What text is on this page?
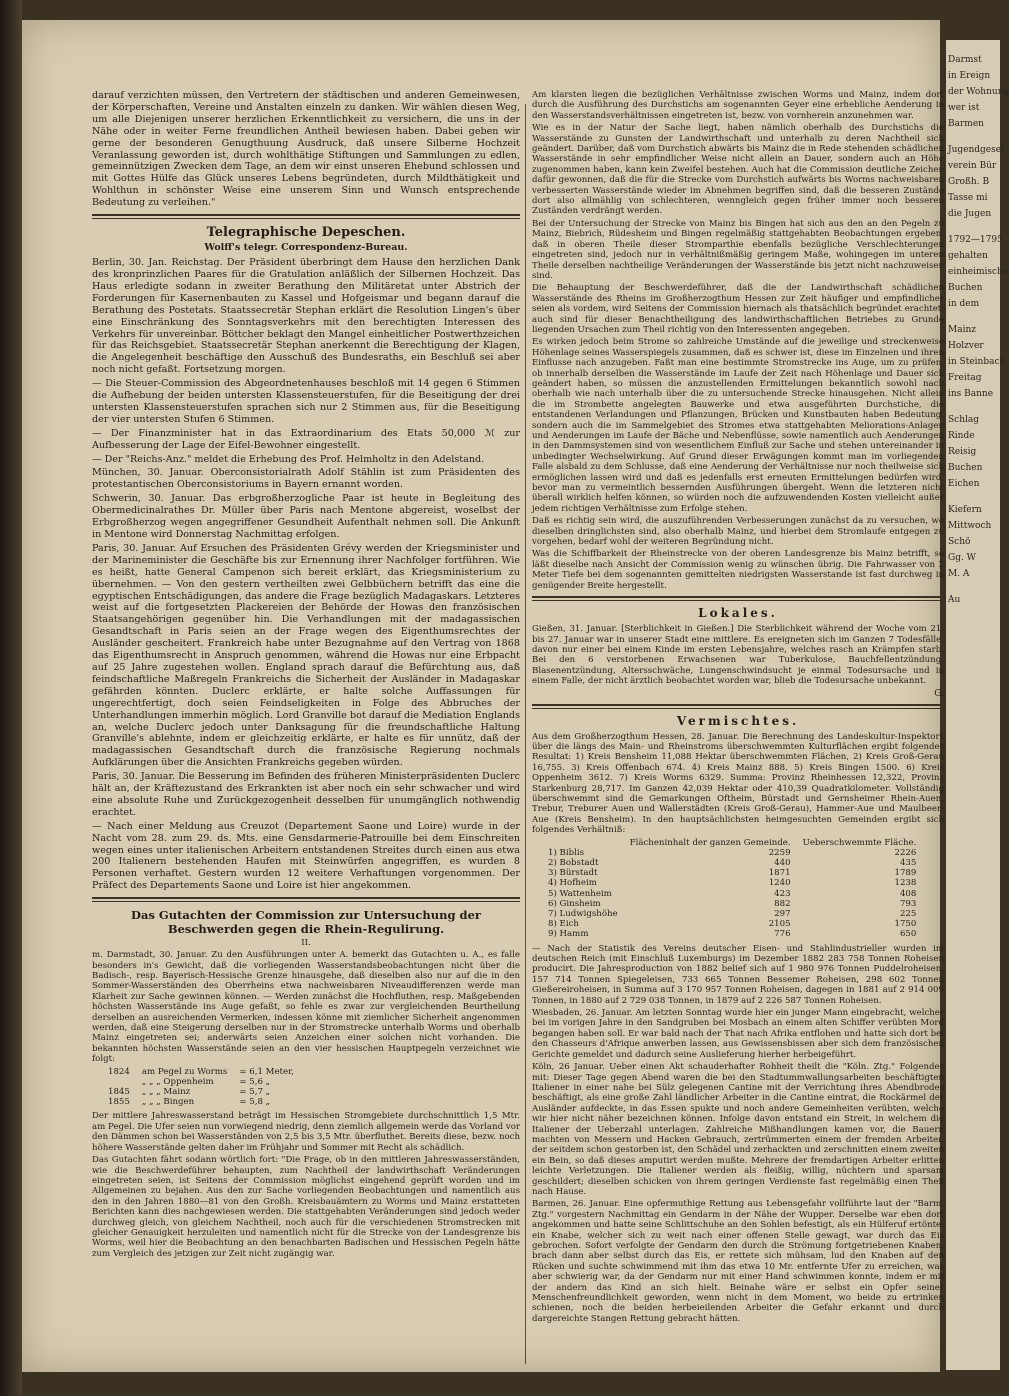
darauf verzichten müssen, den Vertretern der städtischen und anderen Gemeinwesen, der Körperschaften, Vereine und Anstalten einzeln zu danken. Wir wählen diesen Weg, um alle Diejenigen unserer herzlichen Erkenntlichkeit zu versichern, die uns in der Nähe oder in weiter Ferne freundlichen Antheil bewiesen haben. Dabei geben wir gerne der besonderen Genugthuung Ausdruck, daß unsere Silberne Hochzeit Veranlassung geworden ist, durch wohlthätige Stiftungen und Sammlungen zu edlen, gemeinnützigen Zwecken dem Tage, an dem wir einst unseren Ehebund schlossen und mit Gottes Hülfe das Glück unseres Lebens begründeten, durch Mildthätigkeit und Wohlthun in schönster Weise eine unserem Sinn und Wunsch entsprechende Bedeutung zu verleihen."

Telegraphische Depeschen.
Wolff's telegr. Correspondenz-Bureau.

Berlin, 30. Jan. Reichstag. Der Präsident überbringt dem Hause den herzlichen Dank des kronprinzlichen Paares für die Gratulation anläßlich der Silbernen Hochzeit. Das Haus erledigte sodann in zweiter Berathung den Militäretat unter Abstrich der Forderungen für Kasernenbauten zu Kassel und Hofgeismar und begann darauf die Berathung des Postetats. Staatssecretär Stephan erklärt die Resolution Lingen's über eine Einschränkung des Sonntagsverkehrs mit den berechtigten Interessen des Verkehrs für unvereinbar. Böttcher beklagt den Mangel einheitlicher Postwerthzeichen für das Reichsgebiet. Staatssecretär Stephan anerkennt die Berechtigung der Klagen, die Angelegenheit beschäftige den Ausschuß des Bundesraths, ein Beschluß sei aber noch nicht gefaßt. Fortsetzung morgen.

— Die Steuer-Commission des Abgeordnetenhauses beschloß mit 14 gegen 6 Stimmen die Aufhebung der beiden untersten Klassensteuerstufen, für die Beseitigung der drei untersten Klassensteuerstufen sprachen sich nur 2 Stimmen aus, für die Beseitigung der vier untersten Stufen 6 Stimmen.

— Der Finanzminister hat in das Extraordinarium des Etats 50,000 ℳ zur Aufbesserung der Lage der Eifel-Bewohner eingestellt.

— Der "Reichs-Anz." meldet die Erhebung des Prof. Helmholtz in den Adelstand.

München, 30. Januar. Oberconsistorialrath Adolf Stählin ist zum Präsidenten des protestantischen Oberconsistoriums in Bayern ernannt worden.

Schwerin, 30. Januar. Das erbgroßherzogliche Paar ist heute in Begleitung des Obermedicinalrathes Dr. Müller über Paris nach Mentone abgereist, woselbst der Erbgroßherzog wegen angegriffener Gesundheit Aufenthalt nehmen soll. Die Ankunft in Mentone wird Donnerstag Nachmittag erfolgen.

Paris, 30. Januar. Auf Ersuchen des Präsidenten Grévy werden der Kriegsminister und der Marineminister die Geschäfte bis zur Ernennung ihrer Nachfolger fortführen. Wie es heißt, hatte General Campenon sich bereit erklärt, das Kriegsministerium zu übernehmen. — Von den gestern vertheilten zwei Gelbbüchern betrifft das eine die egyptischen Entschädigungen, das andere die Frage bezüglich Madagaskars. Letzteres weist auf die fortgesetzten Plackereien der Behörde der Howas den französischen Staatsangehörigen gegenüber hin. Die Verhandlungen mit der madagassischen Gesandtschaft in Paris seien an der Frage wegen des Eigenthumsrechtes der Ausländer gescheitert. Frankreich habe unter Bezugnahme auf den Vertrag von 1868 das Eigenthumsrecht in Anspruch genommen, während die Howas nur eine Erbpacht auf 25 Jahre zugestehen wollen. England sprach darauf die Befürchtung aus, daß feindschaftliche Maßregeln Frankreichs die Sicherheit der Ausländer in Madagaskar gefährden könnten. Duclerc erklärte, er halte solche Auffassungen für ungerechtfertigt, doch seien Feindseligkeiten in Folge des Abbruches der Unterhandlungen immerhin möglich. Lord Granville bot darauf die Mediation Englands an, welche Duclerc jedoch unter Danksagung für die freundschaftliche Haltung Granville's ablehnte, indem er gleichzeitig erklärte, er halte es für unnütz, daß der madagassischen Gesandtschaft durch die französische Regierung nochmals Aufklärungen über die Ansichten Frankreichs gegeben würden.

Paris, 30. Januar. Die Besserung im Befinden des früheren Ministerpräsidenten Duclerc hält an, der Kräftezustand des Erkrankten ist aber noch ein sehr schwacher und wird eine absolute Ruhe und Zurückgezogenheit desselben für unumgänglich nothwendig erachtet.

— Nach einer Meldung aus Creuzot (Departement Saone und Loire) wurde in der Nacht vom 28. zum 29. ds. Mts. eine Gensdarmerie-Patrouille bei dem Einschreiten wegen eines unter italienischen Arbeitern entstandenen Streites durch einen aus etwa 200 Italienern bestehenden Haufen mit Steinwürfen angegriffen, es wurden 8 Personen verhaftet. Gestern wurden 12 weitere Verhaftungen vorgenommen. Der Präfect des Departements Saone und Loire ist hier angekommen.

Das Gutachten der Commission zur Untersuchung der Beschwerden gegen die Rhein-Regulirung.
II.

m. Darmstadt, 30. Januar. Zu den Ausführungen unter A. bemerkt das Gutachten u. A., es falle besonders in's Gewicht, daß die vorliegenden Wasserstandsbeobachtungen nicht über die Badisch-, resp. Bayerisch-Hessische Grenze hinausgehe, daß dieselben also nur auf die in den Sommer-Wasserständen des Oberrheins etwa nachweisbaren Niveaudifferenzen werde man Klarheit zur Sache gewinnen können. — Werden zunächst die Hochfluthen, resp. Maßgebenden höchsten Wasserstände ins Auge gefaßt, so fehle es zwar zur vergleichenden Beurtheilung derselben an ausreichenden Vermerken, indessen könne mit ziemlicher Sicherheit angenommen werden, daß eine Steigerung derselben nur in der Stromstrecke unterhalb Worms und oberhalb Mainz eingetreten sei; anderwärts seien Anzeichen einer solchen nicht vorhanden. Die bekannten höchsten Wasserstände seien an den vier hessischen Hauptpegeln verzeichnet wie folgt:

1824	am Pegel zu Worms	= 6,1 Meter,
	„ „ „ Oppenheim	= 5,6 „
1845	„ „ „ Mainz	= 5,7 „
1855	„ „ „ Bingen	= 5,8 „

Der mittlere Jahreswasserstand beträgt im Hessischen Stromgebiete durchschnittlich 1,5 Mtr. am Pegel. Die Ufer seien nun vorwiegend niedrig, denn ziemlich allgemein werde das Vorland vor den Dämmen schon bei Wasserständen von 2,5 bis 3,5 Mtr. überfluthet. Bereits diese, bezw. noch höhere Wasserstände gelten daher im Frühjahr und Sommer mit Recht als schädlich.

Das Gutachten fährt sodann wörtlich fort: "Die Frage, ob in den mittleren Jahreswasserständen, wie die Beschwerdeführer behaupten, zum Nachtheil der landwirthschaft Veränderungen eingetreten seien, ist Seitens der Commission möglichst eingehend geprüft worden und im Allgemeinen zu bejahen. Aus den zur Sache vorliegenden Beobachtungen und namentlich aus den in den Jahren 1880—81 von den Großh. Kreisbauämtern zu Worms und Mainz erstatteten Berichten kann dies nachgewiesen werden. Die stattgehabten Veränderungen sind jedoch weder durchweg gleich, von gleichem Nachtheil, noch auch für die verschiedenen Stromstrecken mit gleicher Genauigkeit herzuleiten und namentlich nicht für die Strecke von der Landesgrenze bis Worms, weil hier die Beobachtung an den benachbarten Badischen und Hessischen Pegeln hätte zum Vergleich des jetzigen zur Zeit nicht zugängig war.

Am klarsten liegen die bezüglichen Verhältnisse zwischen Worms und Mainz, indem dort durch die Ausführung des Durchstichs am sogenannten Geyer eine erhebliche Aenderung in den Wasserstandsverhältnissen eingetreten ist, bezw. von vornherein anzunehmen war.

Wie es in der Natur der Sache liegt, haben nämlich oberhalb des Durchstichs die Wasserstände zu Gunsten der Landwirthschaft und unterhalb zu deren Nachtheil sich geändert. Darüber, daß vom Durchstich abwärts bis Mainz die in Rede stehenden schädlichen Wasserstände in sehr empfindlicher Weise nicht allein an Dauer, sondern auch an Höhe zugenommen haben, kann kein Zweifel bestehen. Auch hat die Commission deutliche Zeichen dafür gewonnen, daß die für die Strecke vom Durchstich aufwärts bis Worms nachweisbaren verbesserten Wasserstände wieder im Abnehmen begriffen sind, daß die besseren Zustände dort also allmählig von schlechteren, wenngleich gegen früher immer noch besseren Zuständen verdrängt werden.

Bei der Untersuchung der Strecke von Mainz bis Bingen hat sich aus den an den Pegeln zu Mainz, Biebrich, Rüdesheim und Bingen regelmäßig stattgehabten Beobachtungen ergeben, daß in oberen Theile dieser Stromparthie ebenfalls bezügliche Verschlechterungen eingetreten sind, jedoch nur in verhältnißmäßig geringem Maße, wohingegen im unteren Theile derselben nachtheilige Veränderungen der Wasserstände bis jetzt nicht nachzuweisen sind.

Die Behauptung der Beschwerdeführer, daß die der Landwirthschaft schädlichen Wasserstände des Rheins im Großherzogthum Hessen zur Zeit häufiger und empfindlicher seien als vordem, wird Seitens der Commission hiernach als thatsächlich begründet erachtet, auch sind für dieser Benachtheiligung des landwirthschaftlichen Betriebes zu Grunde liegenden Ursachen zum Theil richtig von den Interessenten angegeben.

Es wirken jedoch beim Strome so zahlreiche Umstände auf die jeweilige und streckenweise Höhenlage seines Wasserspiegels zusammen, daß es schwer ist, diese im Einzelnen und ihren Einflusse nach anzugeben. Faßt man eine bestimmte Stromstrecke ins Auge, um zu prüfen, ob innerhalb derselben die Wasserstände im Laufe der Zeit nach Höhenlage und Dauer sich geändert haben, so müssen die anzustellenden Ermittelungen bekanntlich sowohl nach oberhalb wie nach unterhalb über die zu untersuchende Strecke hinausgehen. Nicht allein die im Strombette angelegten Bauwerke und etwa ausgeführten Durchstiche, die entstandenen Verlandungen und Pflanzungen, Brücken und Kunstbauten haben Bedeutung, sondern auch die im Sammelgebiet des Stromes etwa stattgehabten Meliorations-Anlagen und Aenderungen im Laufe der Bäche und Nebenflüsse, sowie namentlich auch Aenderungen in den Dammsystemen sind von wesentlichem Einfluß zur Sache und stehen untereinander in unbedingter Wechselwirkung. Auf Grund dieser Erwägungen kommt man im vorliegenden Falle alsbald zu dem Schlusse, daß eine Aenderung der Verhältnisse nur noch theilweise sich ermöglichen lassen wird und daß es jedenfalls erst erneuten Ermittelungen bedürfen wird, bevor man zu vermeintlich bessernden Ausführungen übergeht. Wenn die letzteren nicht überall wirklich helfen können, so würden noch die aufzuwendenden Kosten vielleicht außer jedem richtigen Verhältnisse zum Erfolge stehen.

Daß es richtig sein wird, die auszuführenden Verbesserungen zunächst da zu versuchen, wo dieselben dringlichsten sind, also oberhalb Mainz, und hierbei dem Stromlaufe entgegen zu vorgehen, bedarf wohl der weiteren Begründung nicht.

Was die Schiffbarkeit der Rheinstrecke von der oberen Landesgrenze bis Mainz betrifft, so läßt dieselbe nach Ansicht der Commission wenig zu wünschen übrig. Die Fahrwasser von 2 Meter Tiefe bei dem sogenannten gemittelten niedrigsten Wasserstande ist fast durchweg in genügender Breite hergestellt.

Lokales.

Gießen, 31. Januar. [Sterblichkeit in Gießen.] Die Sterblichkeit während der Woche vom 21. bis 27. Januar war in unserer Stadt eine mittlere. Es ereigneten sich im Ganzen 7 Todesfälle, davon nur einer bei einem Kinde im ersten Lebensjahre, welches rasch an Krämpfen starb. Bei den 6 verstorbenen Erwachsenen war Tuberkulose, Bauchfellentzündung, Blasenentzündung, Altersschwäche, Lungenschwindsucht je einmal Todesursache und in einem Falle, der nicht ärztlich beobachtet worden war, blieb die Todesursache unbekannt.

G.
Vermischtes.

Aus dem Großherzogthum Hessen, 28. Januar. Die Berechnung des Landeskultur-Inspektors über die längs des Main- und Rheinstroms überschwemmten Kulturflächen ergibt folgendes Resultat: 1) Kreis Bensheim 11,088 Hektar überschwemmten Flächen, 2) Kreis Groß-Gerau 16,755. 3) Kreis Offenbach 674. 4) Kreis Mainz 888. 5) Kreis Bingen 1500. 6) Kreis Oppenheim 3612. 7) Kreis Worms 6329. Summa: Provinz Rheinhessen 12,322, Provinz Starkenburg 28,717. Im Ganzen 42,039 Hektar oder 410,39 Quadratkilometer. Vollständig überschwemmt sind die Gemarkungen Oftheim, Bürstadt und Gernsheimer Rhein-Auen, Trebur, Treburer Auen und Wallerstädten (Kreis Groß-Gerau), Hammer-Aue und Maulbeer-Aue (Kreis Bensheim). In den hauptsächlichsten heimgesuchten Gemeinden ergibt sich folgendes Verhältniß:

	Flächeninhalt der ganzen Gemeinde.	Ueberschwemmte Fläche.
1) Biblis	2259	2226
2) Bobstadt	440	435
3) Bürstadt	1871	1789
4) Hofheim	1240	1238
5) Wattenheim	423	408
6) Ginsheim	882	793
7) Ludwigshöhe	297	225
8) Eich	2105	1750
9) Hamm	776	650

— Nach der Statistik des Vereins deutscher Eisen- und Stahlindustrieller wurden im deutschen Reich (mit Einschluß Luxemburgs) im Dezember 1882 283 758 Tonnen Roheisen producirt. Die Jahresproduction von 1882 belief sich auf 1 980 976 Tonnen Puddelroheisen, 157 714 Tonnen Spiegeleisen, 733 665 Tonnen Bessemer Roheisen, 298 602 Tonnen Gießereiroheisen, in Summa auf 3 170 957 Tonnen Roheisen, dagegen in 1881 auf 2 914 009 Tonnen, in 1880 auf 2 729 038 Tonnen, in 1879 auf 2 226 587 Tonnen Roheisen.

Wiesbaden, 26. Januar. Am letzten Sonntag wurde hier ein junger Mann eingebracht, welcher bei im vorigen Jahre in den Sandgruben bei Mosbach an einem alten Schiffer verübten Mord begangen haben soll. Er war bald nach der That nach Afrika entflohen und hatte sich dort bei den Chasseurs d'Afrique anwerben lassen, aus Gewissensbissen aber sich dem französischen Gerichte gemeldet und dadurch seine Auslieferung hierher herbeigeführt.

Köln, 26 Januar. Ueber einen Akt schauderhafter Rohheit theilt die "Köln. Ztg." Folgendes mit: Dieser Tage gegen Abend waren die bei den Stadtummwallungsarbeiten beschäftigten Italiener in einer nahe bei Sülz gelegenen Cantine mit der Verrichtung ihres Abendbrodes beschäftigt, als eine große Zahl ländlicher Arbeiter in die Cantine eintrat, die Rockärmel der Ausländer aufdeckte, in das Essen spukte und noch andere Gemeinheiten verübten, welche wir hier nicht näher bezeichnen können. Infolge davon entstand ein Streit, in welchem die Italiener der Ueberzahl unterlagen. Zahlreiche Mißhandlungen kamen vor, die Bauern machten von Messern und Hacken Gebrauch, zertrümmerten einem der fremden Arbeiter, der seitdem schon gestorben ist, den Schädel und zerhackten und zerschnitten einem zweiten ein Bein, so daß dieses amputirt werden mußte. Mehrere der fremdartigen Arbeiter erlitten leichte Verletzungen. Die Italiener werden als fleißig, willig, nüchtern und sparsam geschildert; dieselben schicken von ihrem geringen Verdienste fast regelmäßig einen Theil nach Hause.

Barmen, 26. Januar. Eine opfermuthige Rettung aus Lebensgefahr vollführte laut der "Barm. Ztg." vorgestern Nachmittag ein Gendarm in der Nähe der Wupper. Derselbe war eben dort angekommen und hatte seine Schlittschuhe an den Sohlen befestigt, als ein Hülferuf ertönte: ein Knabe, welcher sich zu weit nach einer offenen Stelle gewagt, war durch das Eis gebrochen. Sofort verfolgte der Gendarm den durch die Strömung fortgetriebenen Knaben, brach dann aber selbst durch das Eis, er rettete sich mühsam, lud den Knaben auf den Rücken und suchte schwimmend mit ihm das etwa 10 Mr. entfernte Ufer zu erreichen, was aber schwierig war, da der Gendarm nur mit einer Hand schwimmen konnte, indem er mit der andern das Kind an sich hielt. Beinahe wäre er selbst ein Opfer seiner Menschenfreundlichkeit geworden, wenn nicht in dem Moment, wo beide zu ertrinken schienen, noch die beiden herbeieilenden Arbeiter die Gefahr erkannt und durch dargereichte Stangen Rettung gebracht hätten.

Darmst
in Ereign
der Wohnung
wer ist
Barmen
Jugendgesel
verein Bür
Großh. B
Tasse mi
die Jugen
1792—1795
gehalten
einheimische
Buchen
in dem
Mainz
Holzver
in Steinbach
Freitag
ins Banne
Schlag
Rinde
Reisig
Buchen
Eichen
Kiefern
Mittwoch
Schö
Gg. W
M. A
Au
